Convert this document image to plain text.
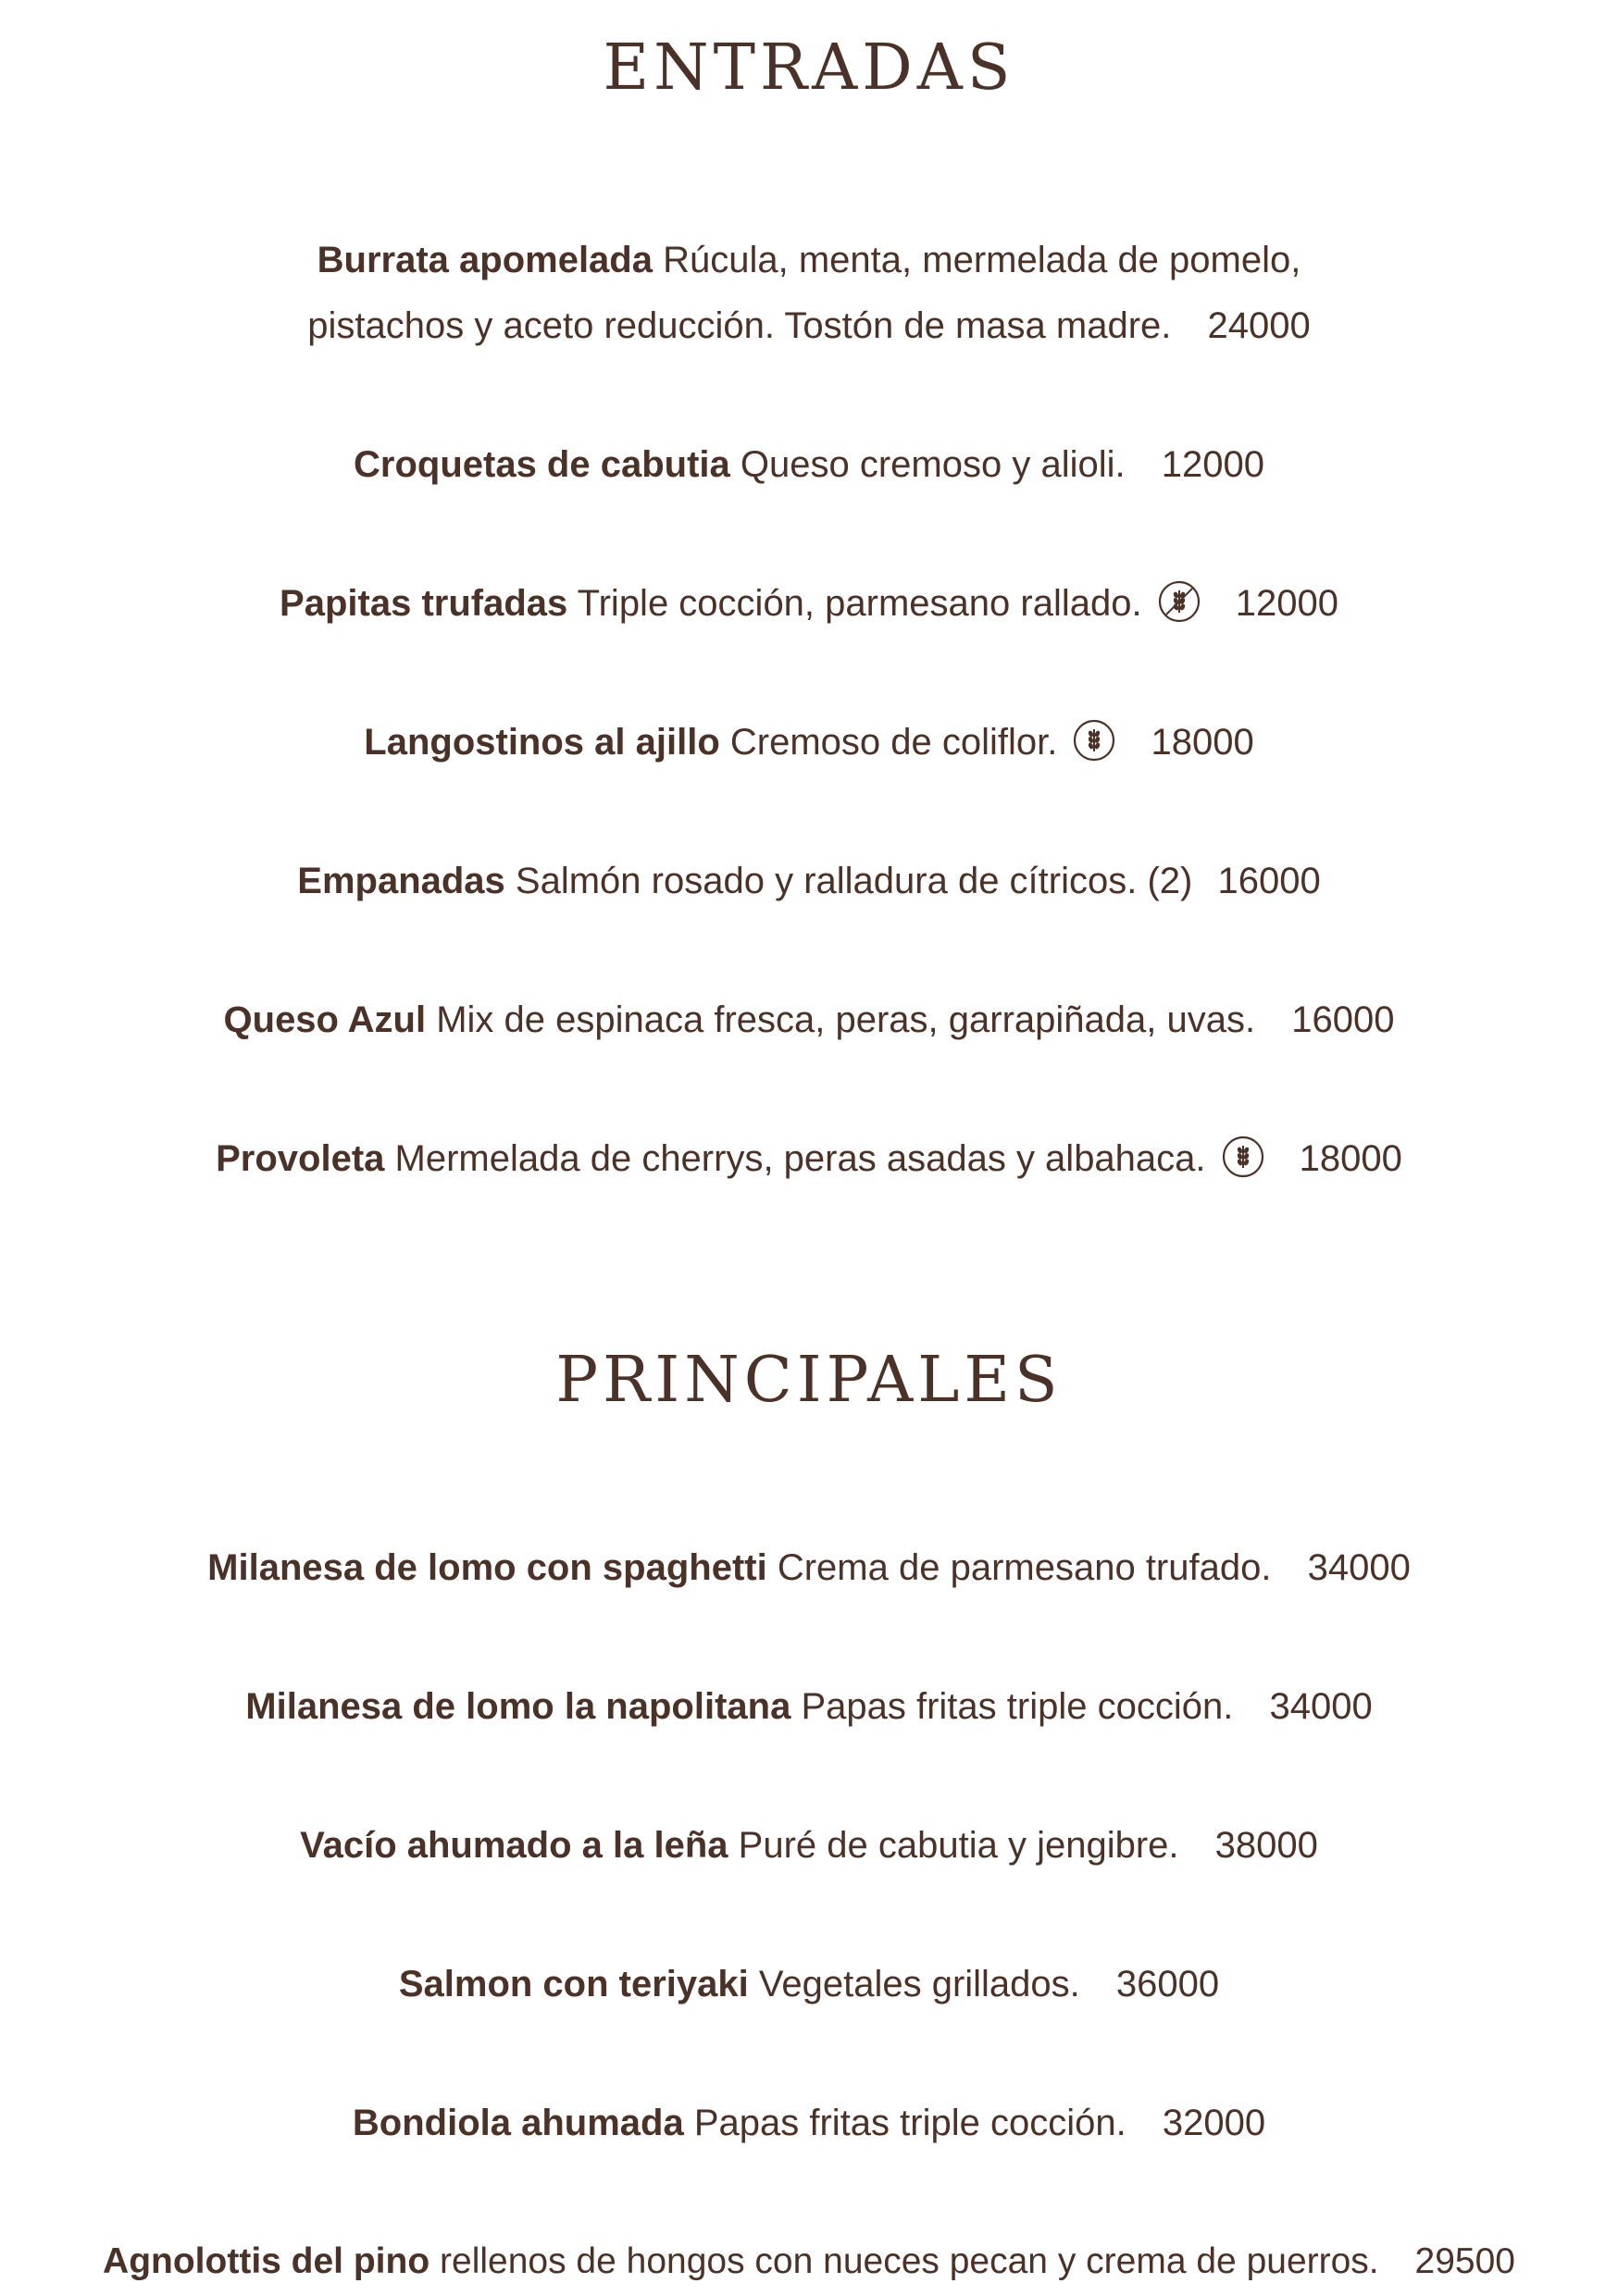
ENTRADAS
Burrata apomelada Rúcula, menta, mermelada de pomelo,
pistachos y aceto reducción. Tostón de masa madre. 24000
Croquetas de cabutia Queso cremoso y alioli. 12000
Papitas trufadas Triple cocción, parmesano rallado.	12000
Langostinos al ajillo Cremoso de coliflor.	18000
Empanadas Salmón rosado y ralladura de cítricos. (2) 16000
Queso Azul Mix de espinaca fresca, peras, garrapiñada, uvas. 16000
Provoleta Mermelada de cherrys, peras asadas y albahaca.	18000
PRINCIPALES
Milanesa de lomo con spaghetti Crema de parmesano trufado. 34000
Milanesa de lomo la napolitana Papas fritas triple cocción. 34000
Vacío ahumado a la leña Puré de cabutia y jengibre. 38000
Salmon con teriyaki Vegetales grillados. 36000
Bondiola ahumada Papas fritas triple cocción. 32000
Agnolottis del pino rellenos de hongos con nueces pecan y crema de puerros. 29500
